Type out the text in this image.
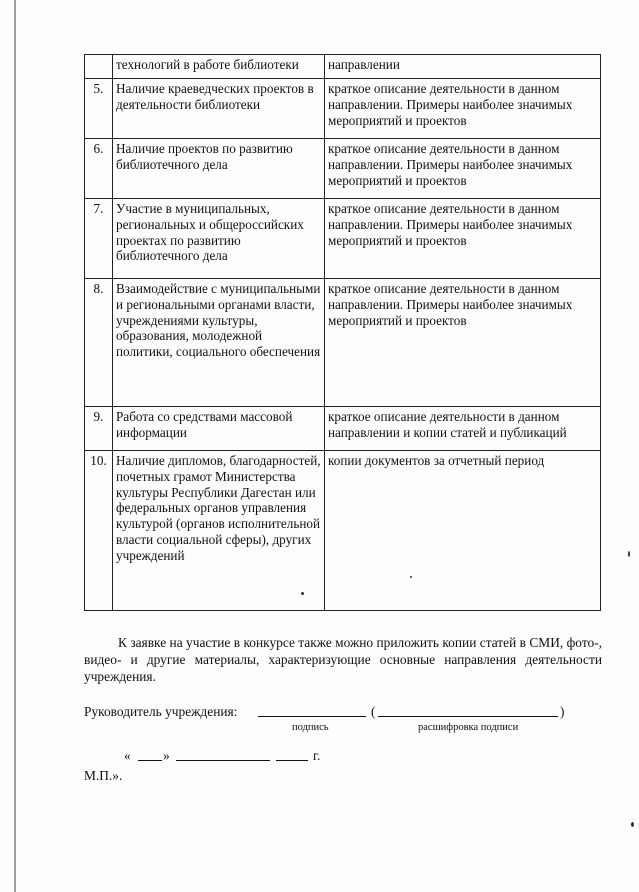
	технологий в работе библиотеки	направлении
5.	Наличие краеведческих проектов в деятельности библиотеки	краткое описание деятельности в данном направлении. Примеры наиболее значимых мероприятий и проектов
6.	Наличие проектов по развитию библиотечного дела	краткое описание деятельности в данном направлении. Примеры наиболее значимых мероприятий и проектов
7.	Участие в муниципальных, региональных и общероссийских проектах по развитию библиотечного дела	краткое описание деятельности в данном направлении. Примеры наиболее значимых мероприятий и проектов
8.	Взаимодействие с муниципальными и региональными органами власти, учреждениями культуры, образования, молодежной политики, социального обеспечения	краткое описание деятельности в данном направлении. Примеры наиболее значимых мероприятий и проектов
9.	Работа со средствами массовой информации	краткое описание деятельности в данном направлении и копии статей и публикаций
10.	Наличие дипломов, благодарностей, почетных грамот Министерства культуры Республики Дагестан или федеральных органов управления культурой (органов исполнительной власти социальной сферы), других учреждений	копии документов за отчетный период

К заявке на участие в конкурсе также можно приложить копии статей в СМИ, фото-, видео- и другие материалы, характеризующие основные направления деятельности учреждения.

Руководитель учреждения:	(	)
подпись	расшифровка подписи
« »	г.
М.П.».
